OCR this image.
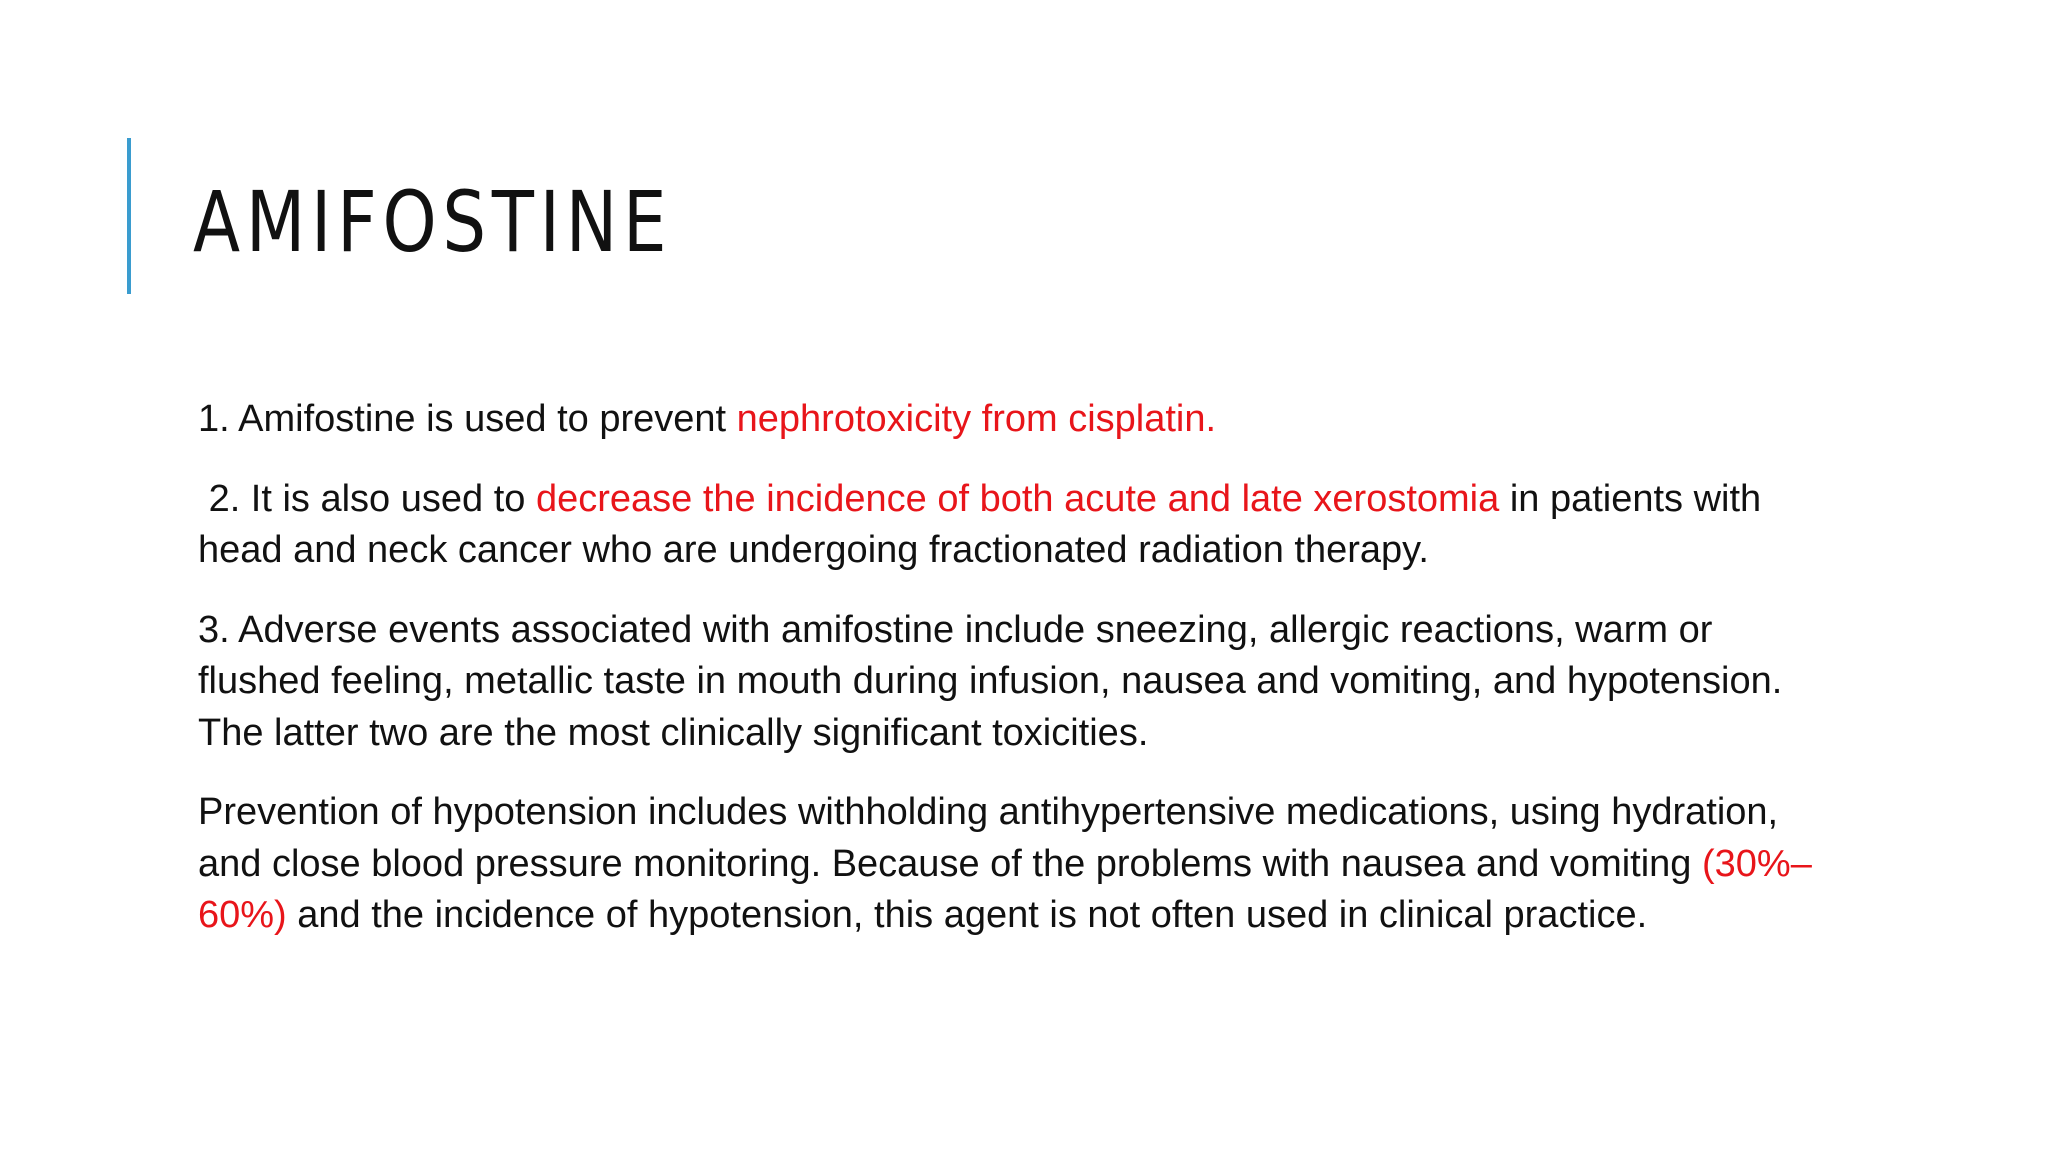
AMIFOSTINE

1. Amifostine is used to prevent nephrotoxicity from cisplatin.

2. It is also used to decrease the incidence of both acute and late xerostomia in patients with head and neck cancer who are undergoing fractionated radiation therapy.

3. Adverse events associated with amifostine include sneezing, allergic reactions, warm or flushed feeling, metallic taste in mouth during infusion, nausea and vomiting, and hypotension. The latter two are the most clinically significant toxicities.

Prevention of hypotension includes withholding antihypertensive medications, using hydration, and close blood pressure monitoring. Because of the problems with nausea and vomiting (30%–60%) and the incidence of hypotension, this agent is not often used in clinical practice.
